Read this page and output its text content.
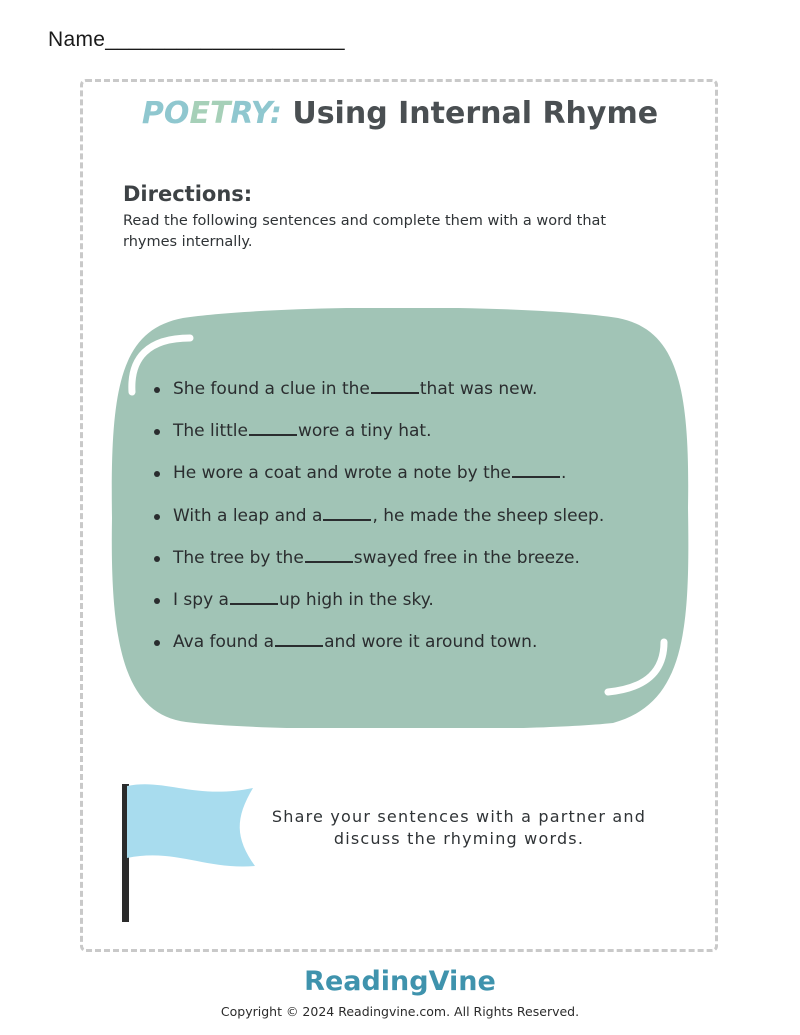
Name____________________
POETRY: Using Internal Rhyme
Directions:
Read the following sentences and complete them with a word that rhymes internally.
She found a clue in the	that was new.
The little	wore a tiny hat.
He wore a coat and wrote a note by the	.
With a leap and a	, he made the sheep sleep.
The tree by the	swayed free in the breeze.
I spy a	up high in the sky.
Ava found a	and wore it around town.
Share your sentences with a partner and discuss the rhyming words.
ReadingVine
Copyright © 2024 Readingvine.com. All Rights Reserved.
